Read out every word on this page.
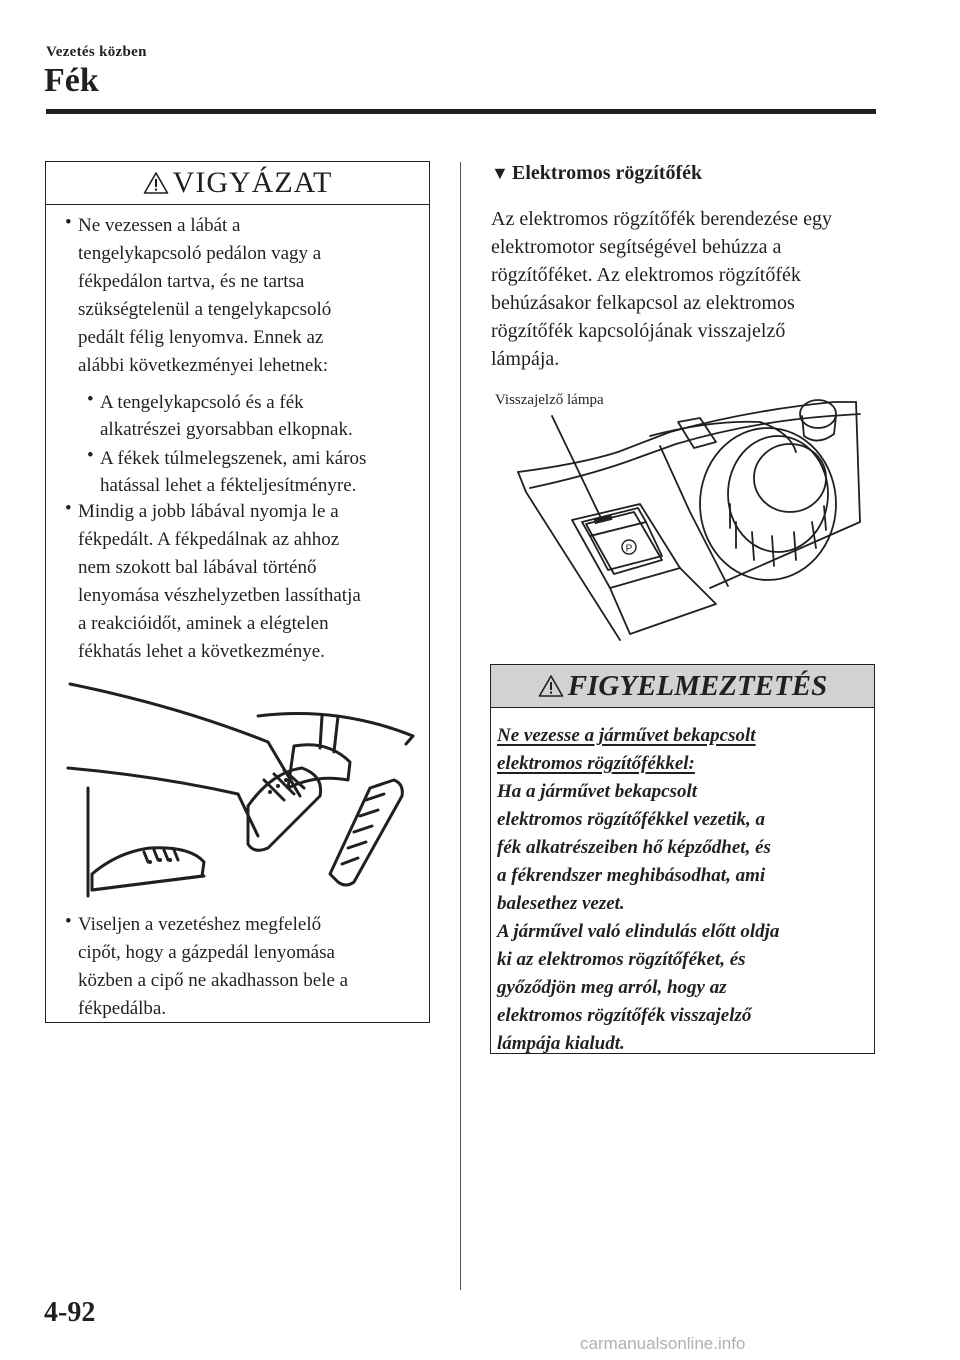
Vezetés közben
Fék
VIGYÁZAT
• Ne vezessen a lábát a
tengelykapcsoló pedálon vagy a
fékpedálon tartva, és ne tartsa
szükségtelenül a tengelykapcsoló
pedált félig lenyomva. Ennek az
alábbi következményei lehetnek:
• A tengelykapcsoló és a fék
alkatrészei gyorsabban elkopnak.
• A fékek túlmelegszenek, ami káros
hatással lehet a fékteljesítményre.
• Mindig a jobb lábával nyomja le a
fékpedált. A fékpedálnak az ahhoz
nem szokott bal lábával történő
lenyomása vészhelyzetben lassíthatja
a reakcióidőt, aminek a elégtelen
fékhatás lehet a következménye.
• Viseljen a vezetéshez megfelelő
cipőt, hogy a gázpedál lenyomása
közben a cipő ne akadhasson bele a
fékpedálba.
▼ Elektromos rögzítőfék
Az elektromos rögzítőfék berendezése egy
elektromotor segítségével behúzza a
rögzítőféket. Az elektromos rögzítőfék
behúzásakor felkapcsol az elektromos
rögzítőfék kapcsolójának visszajelző
lámpája.
P
Visszajelző lámpa
FIGYELMEZTETÉS
Ne vezesse a járművet bekapcsolt
elektromos rögzítőfékkel:
Ha a járművet bekapcsolt
elektromos rögzítőfékkel vezetik, a
fék alkatrészeiben hő képződhet, és
a fékrendszer meghibásodhat, ami
balesethez vezet.
A járművel való elindulás előtt oldja
ki az elektromos rögzítőféket, és
győződjön meg arról, hogy az
elektromos rögzítőfék visszajelző
lámpája kialudt.
4-92
carmanualsonline.info
